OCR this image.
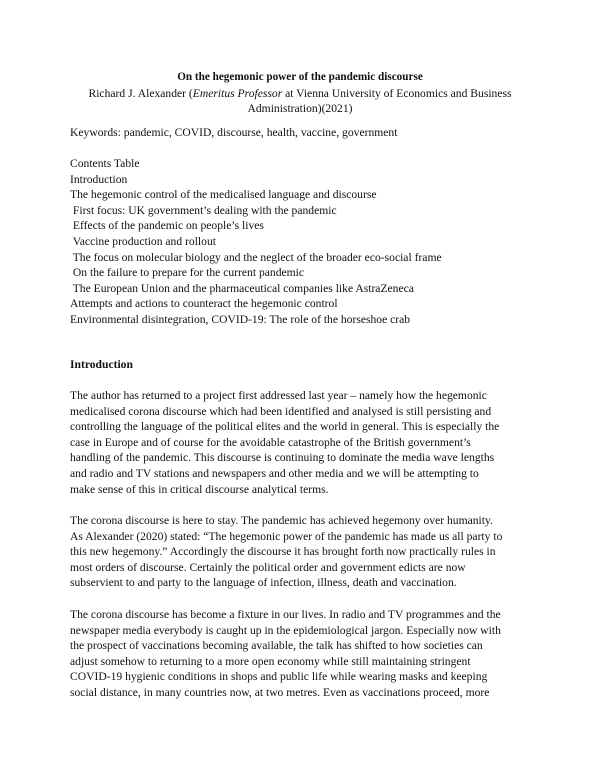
On the hegemonic power of the pandemic discourse
Richard J. Alexander (Emeritus Professor at Vienna University of Economics and Business Administration)(2021)
Keywords: pandemic, COVID, discourse, health, vaccine, government
Contents Table
Introduction
The hegemonic control of the medicalised language and discourse
First focus: UK government’s dealing with the pandemic
Effects of the pandemic on people’s lives
Vaccine production and rollout
The focus on molecular biology and the neglect of the broader eco-social frame
On the failure to prepare for the current pandemic
The European Union and the pharmaceutical companies like AstraZeneca
Attempts and actions to counteract the hegemonic control
Environmental disintegration, COVID-19: The role of the horseshoe crab
Introduction
The author has returned to a project first addressed last year – namely how the hegemonic
medicalised corona discourse which had been identified and analysed is still persisting and
controlling the language of the political elites and the world in general. This is especially the
case in Europe and of course for the avoidable catastrophe of the British government’s
handling of the pandemic. This discourse is continuing to dominate the media wave lengths
and radio and TV stations and newspapers and other media and we will be attempting to
make sense of this in critical discourse analytical terms.
The corona discourse is here to stay. The pandemic has achieved hegemony over humanity.
As Alexander (2020) stated: “The hegemonic power of the pandemic has made us all party to
this new hegemony.” Accordingly the discourse it has brought forth now practically rules in
most orders of discourse. Certainly the political order and government edicts are now
subservient to and party to the language of infection, illness, death and vaccination.
The corona discourse has become a fixture in our lives. In radio and TV programmes and the
newspaper media everybody is caught up in the epidemiological jargon. Especially now with
the prospect of vaccinations becoming available, the talk has shifted to how societies can
adjust somehow to returning to a more open economy while still maintaining stringent
COVID-19 hygienic conditions in shops and public life while wearing masks and keeping
social distance, in many countries now, at two metres. Even as vaccinations proceed, more
